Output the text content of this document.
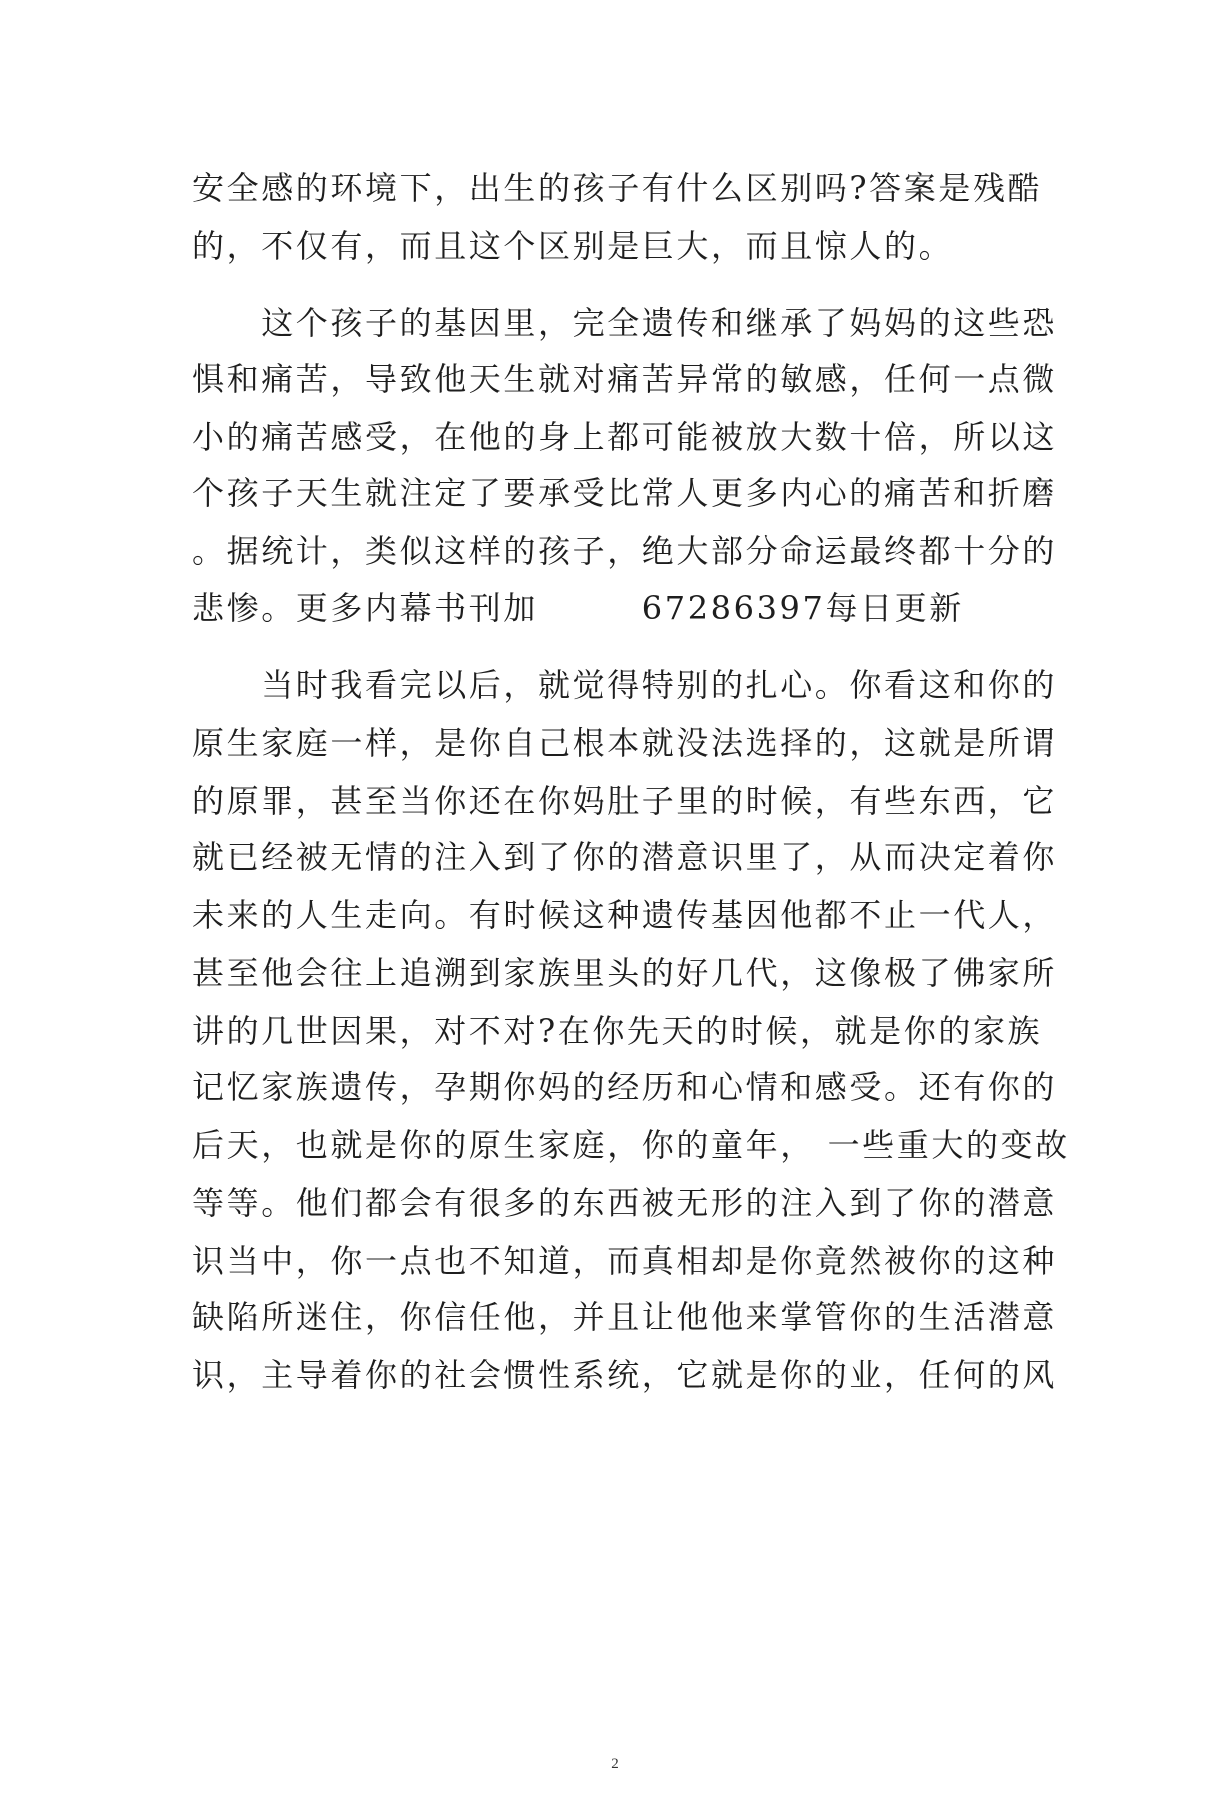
安全感的环境下，出生的孩子有什么区别吗?答案是残酷

的，不仅有，而且这个区别是巨大，而且惊人的。

　　这个孩子的基因里，完全遗传和继承了妈妈的这些恐

惧和痛苦，导致他天生就对痛苦异常的敏感，任何一点微

小的痛苦感受，在他的身上都可能被放大数十倍，所以这

个孩子天生就注定了要承受比常人更多内心的痛苦和折磨

。据统计，类似这样的孩子，绝大部分命运最终都十分的

悲惨。更多内幕书刊加　　　67286397每日更新

　　当时我看完以后，就觉得特别的扎心。你看这和你的

原生家庭一样，是你自己根本就没法选择的，这就是所谓

的原罪，甚至当你还在你妈肚子里的时候，有些东西，它

就已经被无情的注入到了你的潜意识里了，从而决定着你

未来的人生走向。有时候这种遗传基因他都不止一代人，

甚至他会往上追溯到家族里头的好几代，这像极了佛家所

讲的几世因果，对不对?在你先天的时候，就是你的家族

记忆家族遗传，孕期你妈的经历和心情和感受。还有你的

后天，也就是你的原生家庭，你的童年， 一些重大的变故

等等。他们都会有很多的东西被无形的注入到了你的潜意

识当中，你一点也不知道，而真相却是你竟然被你的这种

缺陷所迷住，你信任他，并且让他他来掌管你的生活潜意

识，主导着你的社会惯性系统，它就是你的业，任何的风

2
